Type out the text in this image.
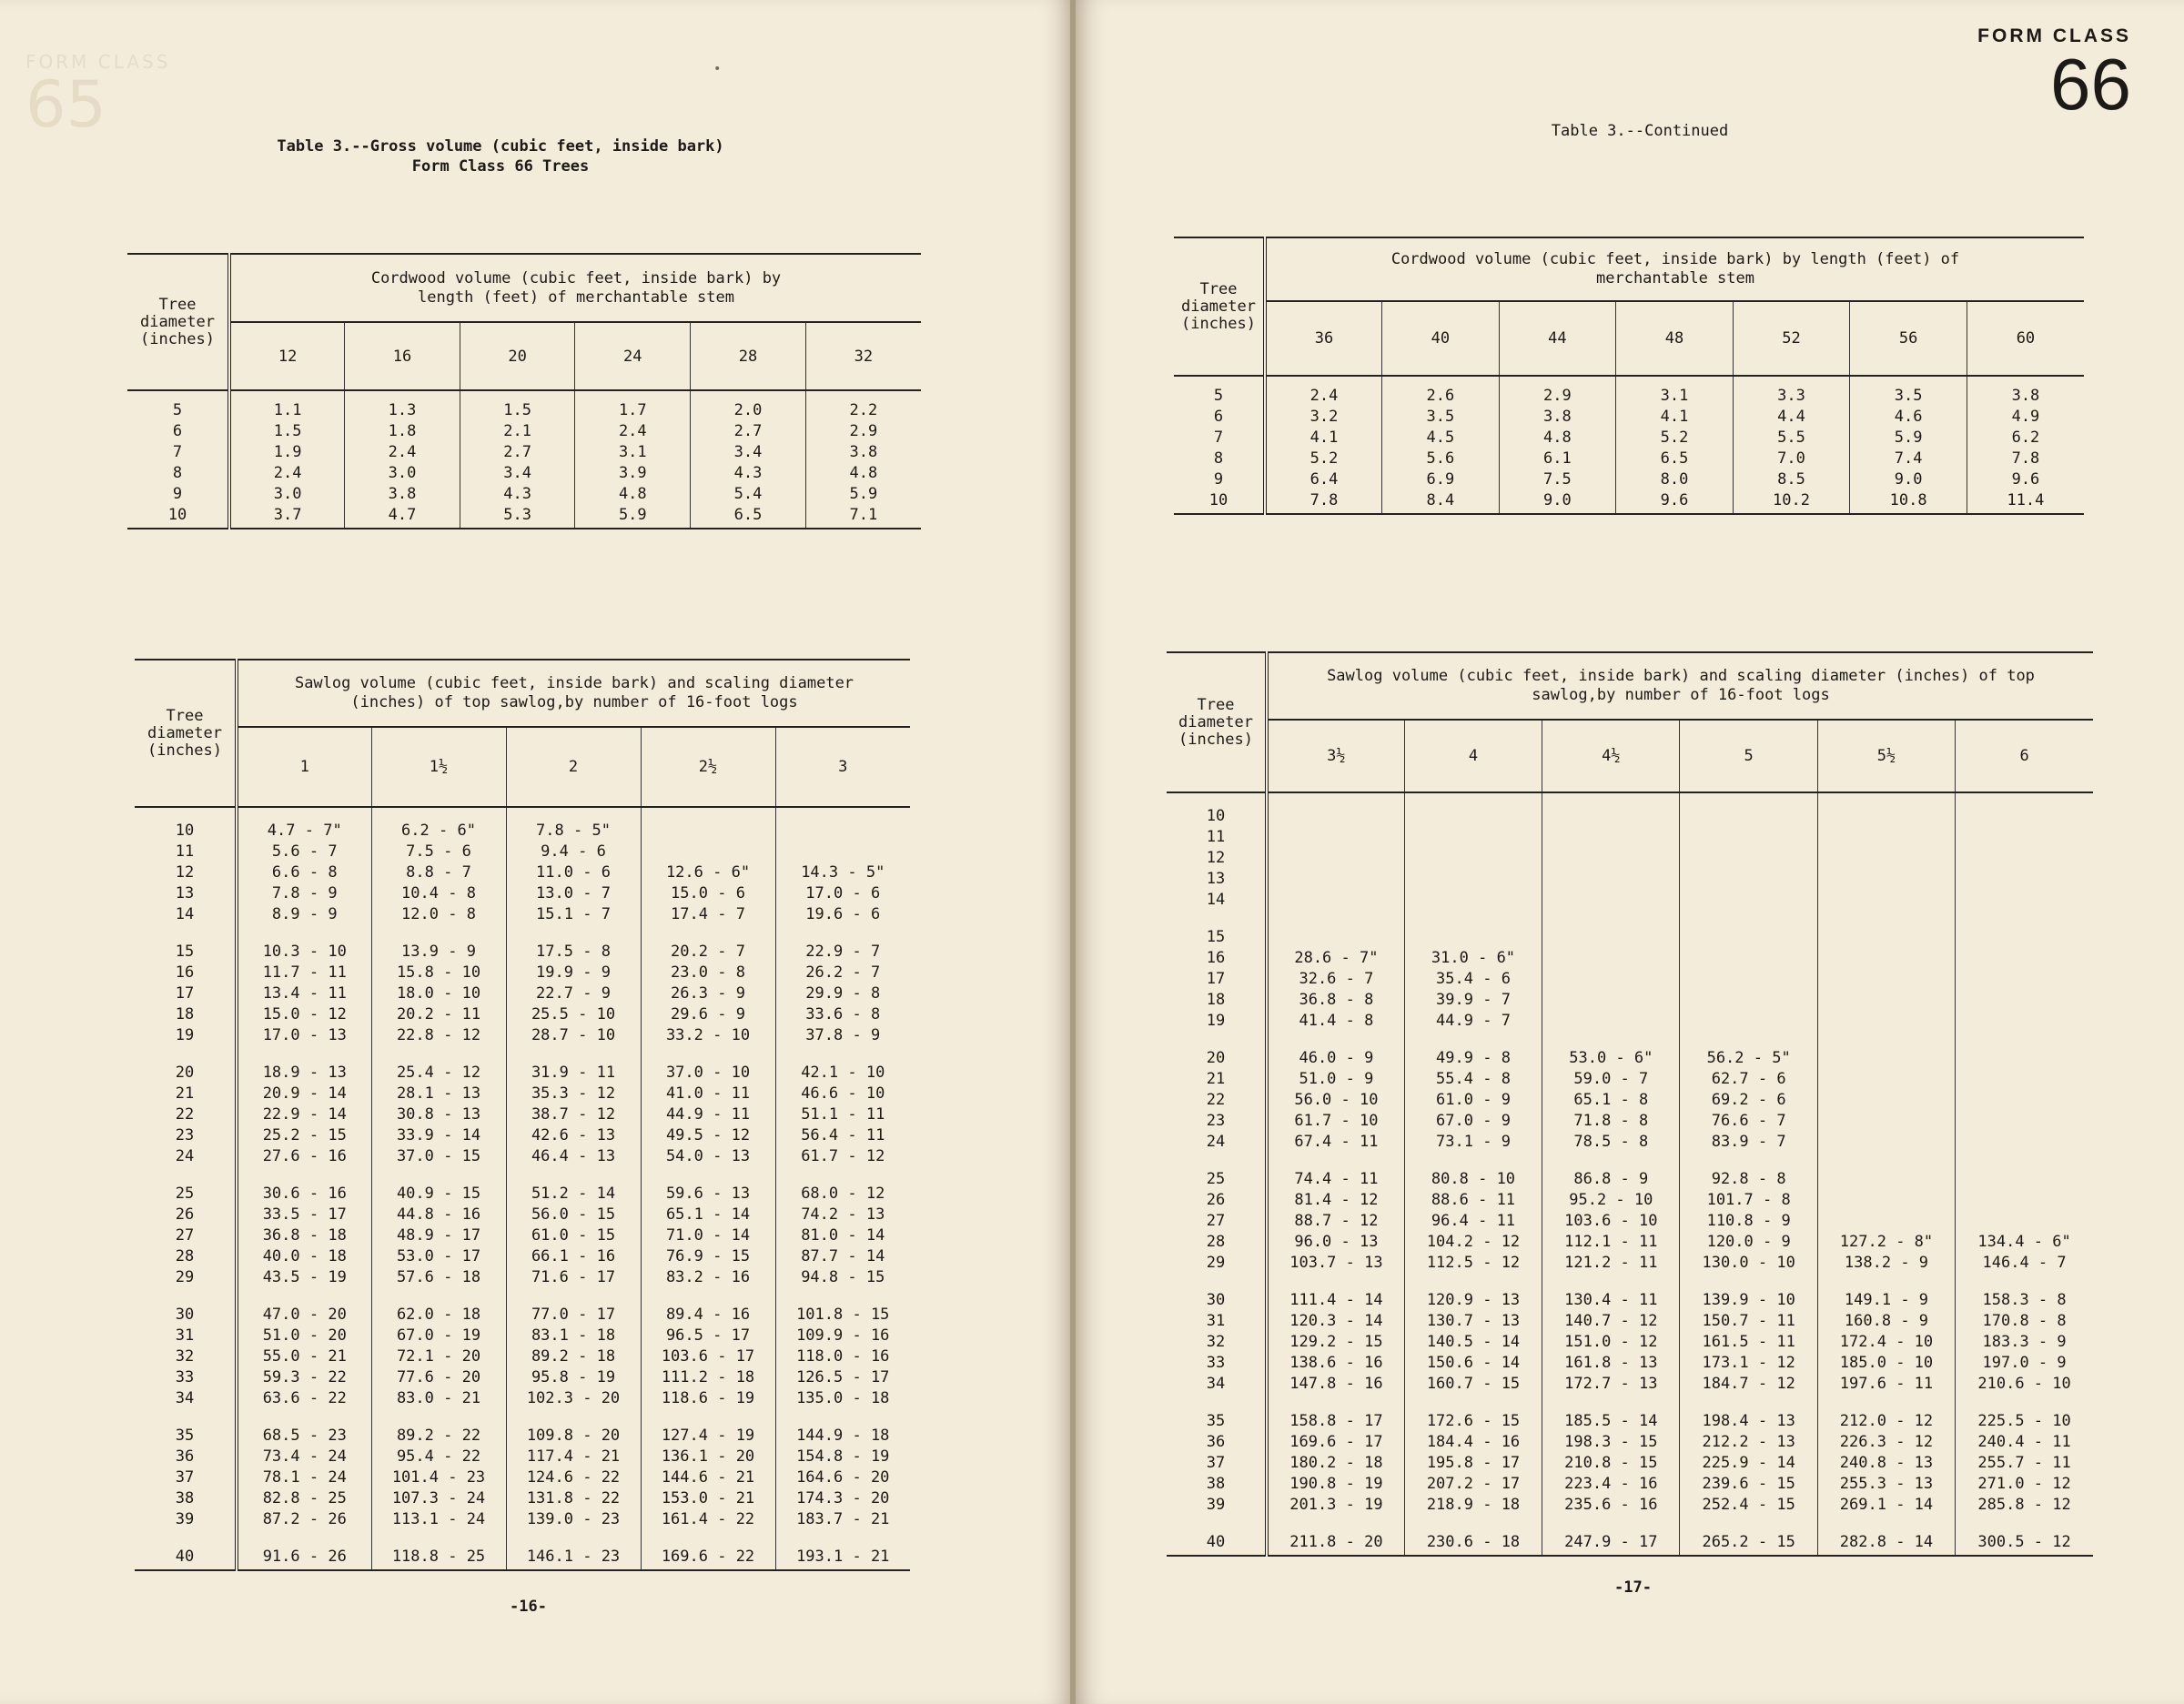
FORM CLASS
65	•
Table 3.--Gross volume (cubic feet, inside bark)
Form Class 66 Trees
Tree diameter (inches)	Cordwood volume (cubic feet, inside bark) by length (feet) of merchantable stem					
	12	16	20	24	28	32
5	1.1	1.3	1.5	1.7	2.0	2.2
6	1.5	1.8	2.1	2.4	2.7	2.9
7	1.9	2.4	2.7	3.1	3.4	3.8
8	2.4	3.0	3.4	3.9	4.3	4.8
9	3.0	3.8	4.3	4.8	5.4	5.9
10	3.7	4.7	5.3	5.9	6.5	7.1
Tree diameter (inches)	Sawlog volume (cubic feet, inside bark) and scaling diameter (inches) of top sawlog,by number of 16-foot logs				
	1	1½	2	2½	3
10	4.7 - 7"	6.2 - 6"	7.8 - 5"		
11	5.6 - 7	7.5 - 6	9.4 - 6		
12	6.6 - 8	8.8 - 7	11.0 - 6	12.6 - 6"	14.3 - 5"
13	7.8 - 9	10.4 - 8	13.0 - 7	15.0 - 6	17.0 - 6
14	8.9 - 9	12.0 - 8	15.1 - 7	17.4 - 7	19.6 - 6
15	10.3 - 10	13.9 - 9	17.5 - 8	20.2 - 7	22.9 - 7
16	11.7 - 11	15.8 - 10	19.9 - 9	23.0 - 8	26.2 - 7
17	13.4 - 11	18.0 - 10	22.7 - 9	26.3 - 9	29.9 - 8
18	15.0 - 12	20.2 - 11	25.5 - 10	29.6 - 9	33.6 - 8
19	17.0 - 13	22.8 - 12	28.7 - 10	33.2 - 10	37.8 - 9
20	18.9 - 13	25.4 - 12	31.9 - 11	37.0 - 10	42.1 - 10
21	20.9 - 14	28.1 - 13	35.3 - 12	41.0 - 11	46.6 - 10
22	22.9 - 14	30.8 - 13	38.7 - 12	44.9 - 11	51.1 - 11
23	25.2 - 15	33.9 - 14	42.6 - 13	49.5 - 12	56.4 - 11
24	27.6 - 16	37.0 - 15	46.4 - 13	54.0 - 13	61.7 - 12
25	30.6 - 16	40.9 - 15	51.2 - 14	59.6 - 13	68.0 - 12
26	33.5 - 17	44.8 - 16	56.0 - 15	65.1 - 14	74.2 - 13
27	36.8 - 18	48.9 - 17	61.0 - 15	71.0 - 14	81.0 - 14
28	40.0 - 18	53.0 - 17	66.1 - 16	76.9 - 15	87.7 - 14
29	43.5 - 19	57.6 - 18	71.6 - 17	83.2 - 16	94.8 - 15
30	47.0 - 20	62.0 - 18	77.0 - 17	89.4 - 16	101.8 - 15
31	51.0 - 20	67.0 - 19	83.1 - 18	96.5 - 17	109.9 - 16
32	55.0 - 21	72.1 - 20	89.2 - 18	103.6 - 17	118.0 - 16
33	59.3 - 22	77.6 - 20	95.8 - 19	111.2 - 18	126.5 - 17
34	63.6 - 22	83.0 - 21	102.3 - 20	118.6 - 19	135.0 - 18
35	68.5 - 23	89.2 - 22	109.8 - 20	127.4 - 19	144.9 - 18
36	73.4 - 24	95.4 - 22	117.4 - 21	136.1 - 20	154.8 - 19
37	78.1 - 24	101.4 - 23	124.6 - 22	144.6 - 21	164.6 - 20
38	82.8 - 25	107.3 - 24	131.8 - 22	153.0 - 21	174.3 - 20
39	87.2 - 26	113.1 - 24	139.0 - 23	161.4 - 22	183.7 - 21
40	91.6 - 26	118.8 - 25	146.1 - 23	169.6 - 22	193.1 - 21
-16-
FORM CLASS
66
Table 3.--Continued
Tree diameter (inches)	Cordwood volume (cubic feet, inside bark) by length (feet) of merchantable stem						
	36	40	44	48	52	56	60
5	2.4	2.6	2.9	3.1	3.3	3.5	3.8
6	3.2	3.5	3.8	4.1	4.4	4.6	4.9
7	4.1	4.5	4.8	5.2	5.5	5.9	6.2
8	5.2	5.6	6.1	6.5	7.0	7.4	7.8
9	6.4	6.9	7.5	8.0	8.5	9.0	9.6
10	7.8	8.4	9.0	9.6	10.2	10.8	11.4
Tree diameter (inches)	Sawlog volume (cubic feet, inside bark) and scaling diameter (inches) of top sawlog,by number of 16-foot logs					
	3½	4	4½	5	5½	6
10						
11						
12						
13						
14						
15						
16	28.6 - 7"	31.0 - 6"				
17	32.6 - 7	35.4 - 6				
18	36.8 - 8	39.9 - 7				
19	41.4 - 8	44.9 - 7				
20	46.0 - 9	49.9 - 8	53.0 - 6"	56.2 - 5"		
21	51.0 - 9	55.4 - 8	59.0 - 7	62.7 - 6		
22	56.0 - 10	61.0 - 9	65.1 - 8	69.2 - 6		
23	61.7 - 10	67.0 - 9	71.8 - 8	76.6 - 7		
24	67.4 - 11	73.1 - 9	78.5 - 8	83.9 - 7		
25	74.4 - 11	80.8 - 10	86.8 - 9	92.8 - 8		
26	81.4 - 12	88.6 - 11	95.2 - 10	101.7 - 8		
27	88.7 - 12	96.4 - 11	103.6 - 10	110.8 - 9		
28	96.0 - 13	104.2 - 12	112.1 - 11	120.0 - 9	127.2 - 8"	134.4 - 6"
29	103.7 - 13	112.5 - 12	121.2 - 11	130.0 - 10	138.2 - 9	146.4 - 7
30	111.4 - 14	120.9 - 13	130.4 - 11	139.9 - 10	149.1 - 9	158.3 - 8
31	120.3 - 14	130.7 - 13	140.7 - 12	150.7 - 11	160.8 - 9	170.8 - 8
32	129.2 - 15	140.5 - 14	151.0 - 12	161.5 - 11	172.4 - 10	183.3 - 9
33	138.6 - 16	150.6 - 14	161.8 - 13	173.1 - 12	185.0 - 10	197.0 - 9
34	147.8 - 16	160.7 - 15	172.7 - 13	184.7 - 12	197.6 - 11	210.6 - 10
35	158.8 - 17	172.6 - 15	185.5 - 14	198.4 - 13	212.0 - 12	225.5 - 10
36	169.6 - 17	184.4 - 16	198.3 - 15	212.2 - 13	226.3 - 12	240.4 - 11
37	180.2 - 18	195.8 - 17	210.8 - 15	225.9 - 14	240.8 - 13	255.7 - 11
38	190.8 - 19	207.2 - 17	223.4 - 16	239.6 - 15	255.3 - 13	271.0 - 12
39	201.3 - 19	218.9 - 18	235.6 - 16	252.4 - 15	269.1 - 14	285.8 - 12
40	211.8 - 20	230.6 - 18	247.9 - 17	265.2 - 15	282.8 - 14	300.5 - 12
-17-
